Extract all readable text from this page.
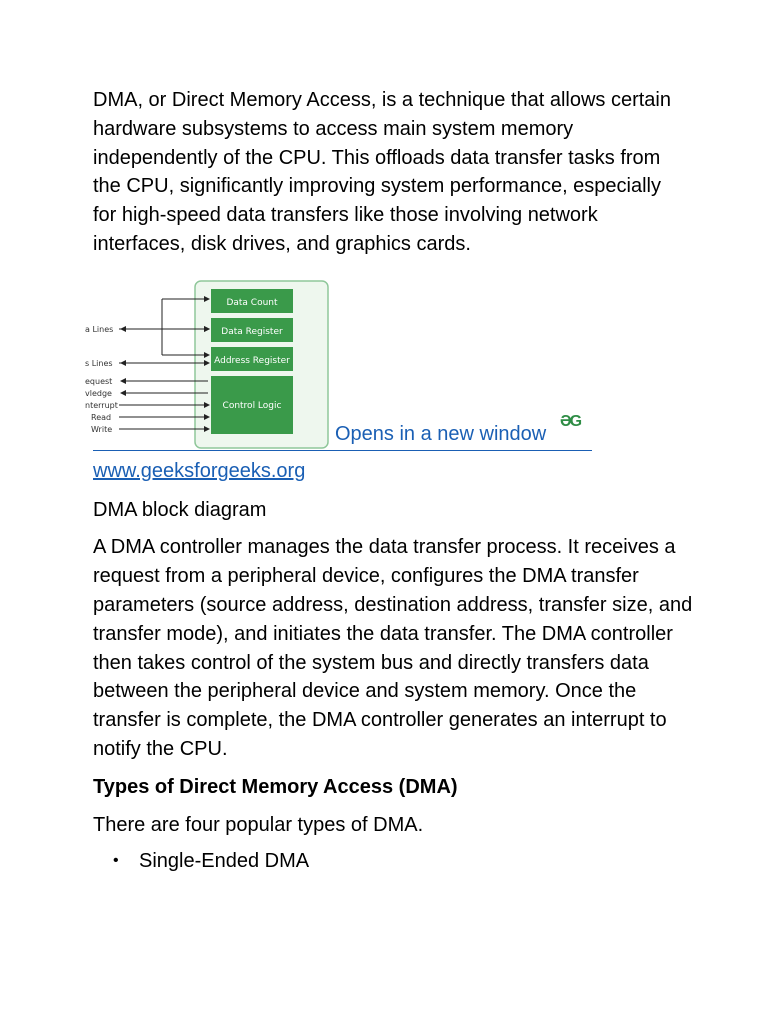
DMA, or Direct Memory Access, is a technique that allows certain hardware subsystems to access main system memory independently of the CPU. This offloads data transfer tasks from the CPU, significantly improving system performance, especially for high-speed data transfers like those involving network interfaces, disk drives, and graphics cards.

Data Count
Data Register
Address Register
Control Logic
a Lines
s Lines
equest
vledge
nterrupt
Read
Write	Opens in a new window
ƏG
www.geeksforgeeks.org

DMA block diagram

A DMA controller manages the data transfer process. It receives a request from a peripheral device, configures the DMA transfer parameters (source address, destination address, transfer size, and transfer mode), and initiates the data transfer. The DMA controller then takes control of the system bus and directly transfers data between the peripheral device and system memory. Once the transfer is complete, the DMA controller generates an interrupt to notify the CPU.

Types of Direct Memory Access (DMA)

There are four popular types of DMA.

• Single-Ended DMA
